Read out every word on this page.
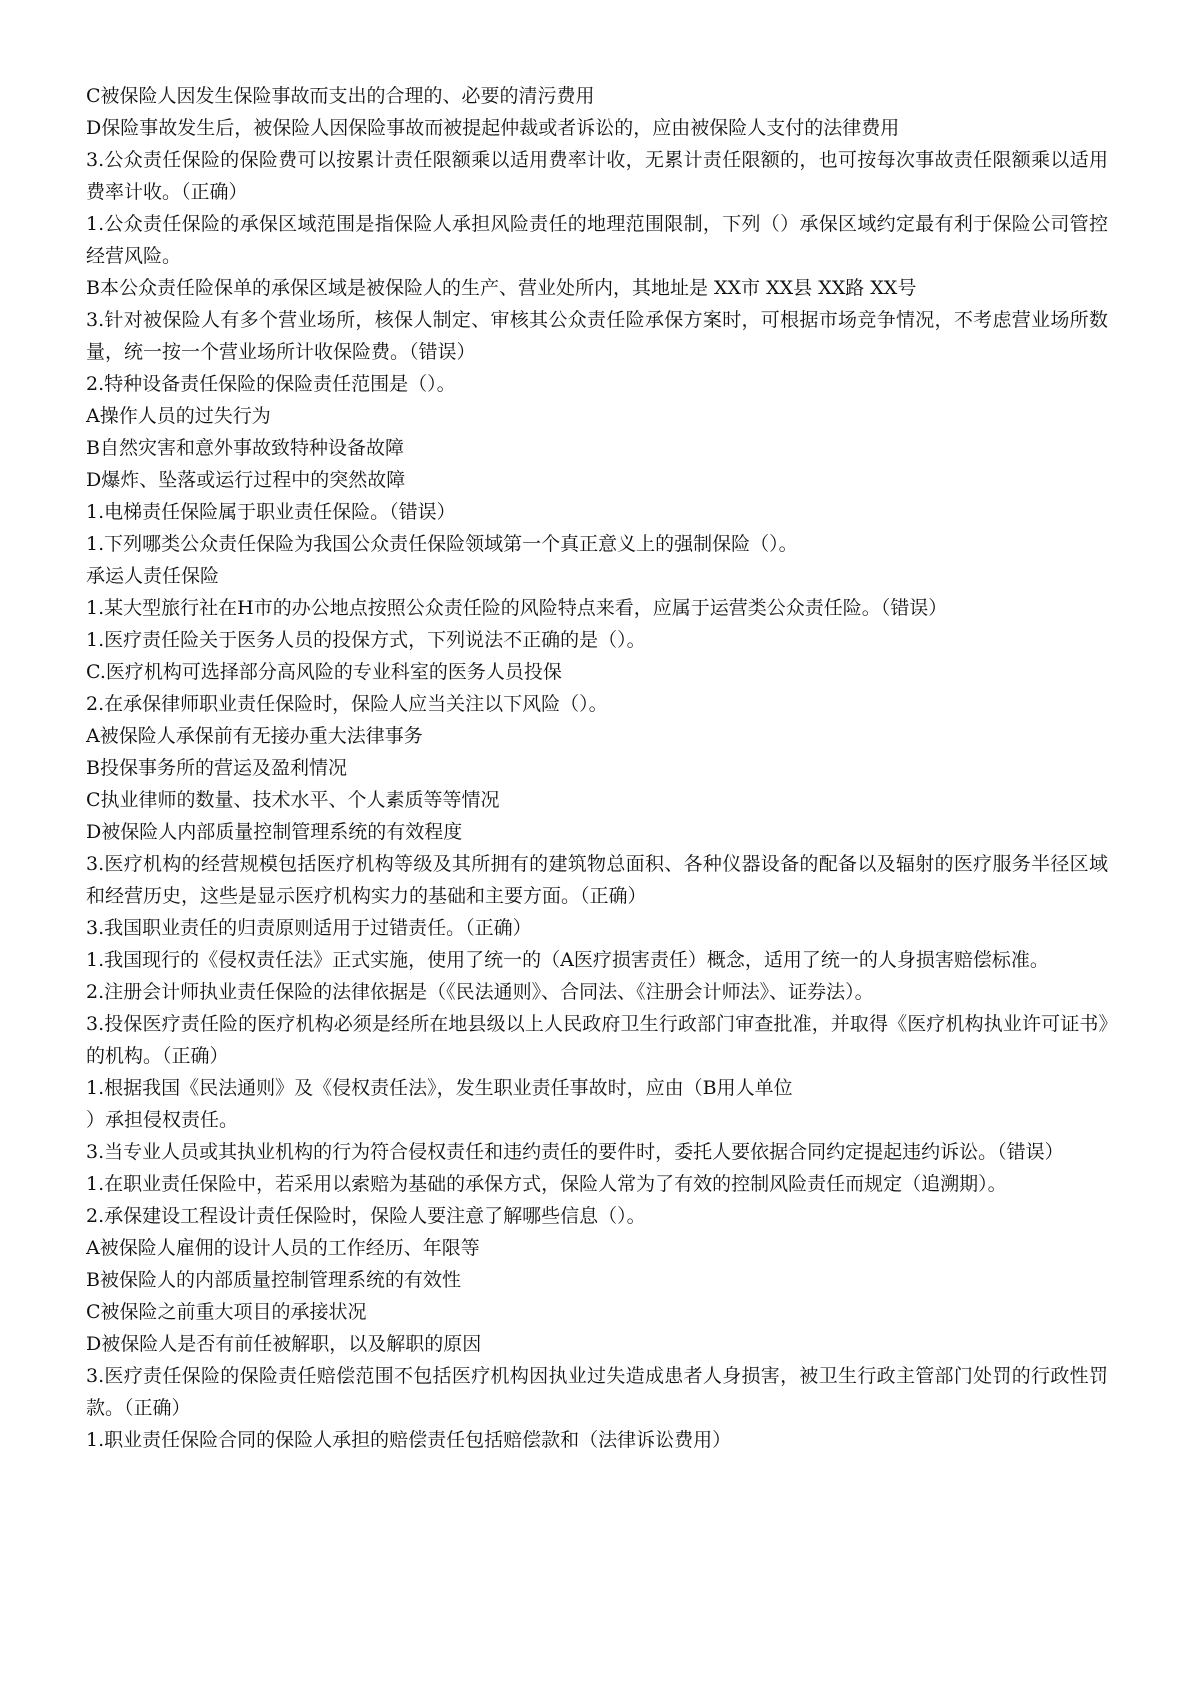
C被保险人因发生保险事故而支出的合理的、必要的清污费用

D保险事故发生后，被保险人因保险事故而被提起仲裁或者诉讼的，应由被保险人支付的法律费用

3.公众责任保险的保险费可以按累计责任限额乘以适用费率计收，无累计责任限额的，也可按每次事故责任限额乘以适用费率计收。（正确）

1.公众责任保险的承保区域范围是指保险人承担风险责任的地理范围限制，下列（）承保区域约定最有利于保险公司管控经营风险。

B本公众责任险保单的承保区域是被保险人的生产、营业处所内，其地址是 XX市 XX县 XX路 XX号

3.针对被保险人有多个营业场所，核保人制定、审核其公众责任险承保方案时，可根据市场竞争情况，不考虑营业场所数量，统一按一个营业场所计收保险费。（错误）

2.特种设备责任保险的保险责任范围是（）。

A操作人员的过失行为

B自然灾害和意外事故致特种设备故障

D爆炸、坠落或运行过程中的突然故障

1.电梯责任保险属于职业责任保险。（错误）

1.下列哪类公众责任保险为我国公众责任保险领域第一个真正意义上的强制保险（）。

承运人责任保险

1.某大型旅行社在H市的办公地点按照公众责任险的风险特点来看，应属于运营类公众责任险。（错误）

1.医疗责任险关于医务人员的投保方式，下列说法不正确的是（）。

C.医疗机构可选择部分高风险的专业科室的医务人员投保

2.在承保律师职业责任保险时，保险人应当关注以下风险（）。

A被保险人承保前有无接办重大法律事务

B投保事务所的营运及盈利情况

C执业律师的数量、技术水平、个人素质等等情况

D被保险人内部质量控制管理系统的有效程度

3.医疗机构的经营规模包括医疗机构等级及其所拥有的建筑物总面积、各种仪器设备的配备以及辐射的医疗服务半径区域和经营历史，这些是显示医疗机构实力的基础和主要方面。（正确）

3.我国职业责任的归责原则适用于过错责任。（正确）

1.我国现行的《侵权责任法》正式实施，使用了统一的（A医疗损害责任）概念，适用了统一的人身损害赔偿标准。

2.注册会计师执业责任保险的法律依据是（《民法通则》、合同法、《注册会计师法》、证券法）。

3.投保医疗责任险的医疗机构必须是经所在地县级以上人民政府卫生行政部门审查批准，并取得《医疗机构执业许可证书》的机构。（正确）

1.根据我国《民法通则》及《侵权责任法》，发生职业责任事故时，应由（B用人单位

）承担侵权责任。

3.当专业人员或其执业机构的行为符合侵权责任和违约责任的要件时，委托人要依据合同约定提起违约诉讼。（错误）

1.在职业责任保险中，若采用以索赔为基础的承保方式，保险人常为了有效的控制风险责任而规定（追溯期）。

2.承保建设工程设计责任保险时，保险人要注意了解哪些信息（）。

A被保险人雇佣的设计人员的工作经历、年限等

B被保险人的内部质量控制管理系统的有效性

C被保险之前重大项目的承接状况

D被保险人是否有前任被解职，以及解职的原因

3.医疗责任保险的保险责任赔偿范围不包括医疗机构因执业过失造成患者人身损害，被卫生行政主管部门处罚的行政性罚款。（正确）

1.职业责任保险合同的保险人承担的赔偿责任包括赔偿款和（法律诉讼费用）
